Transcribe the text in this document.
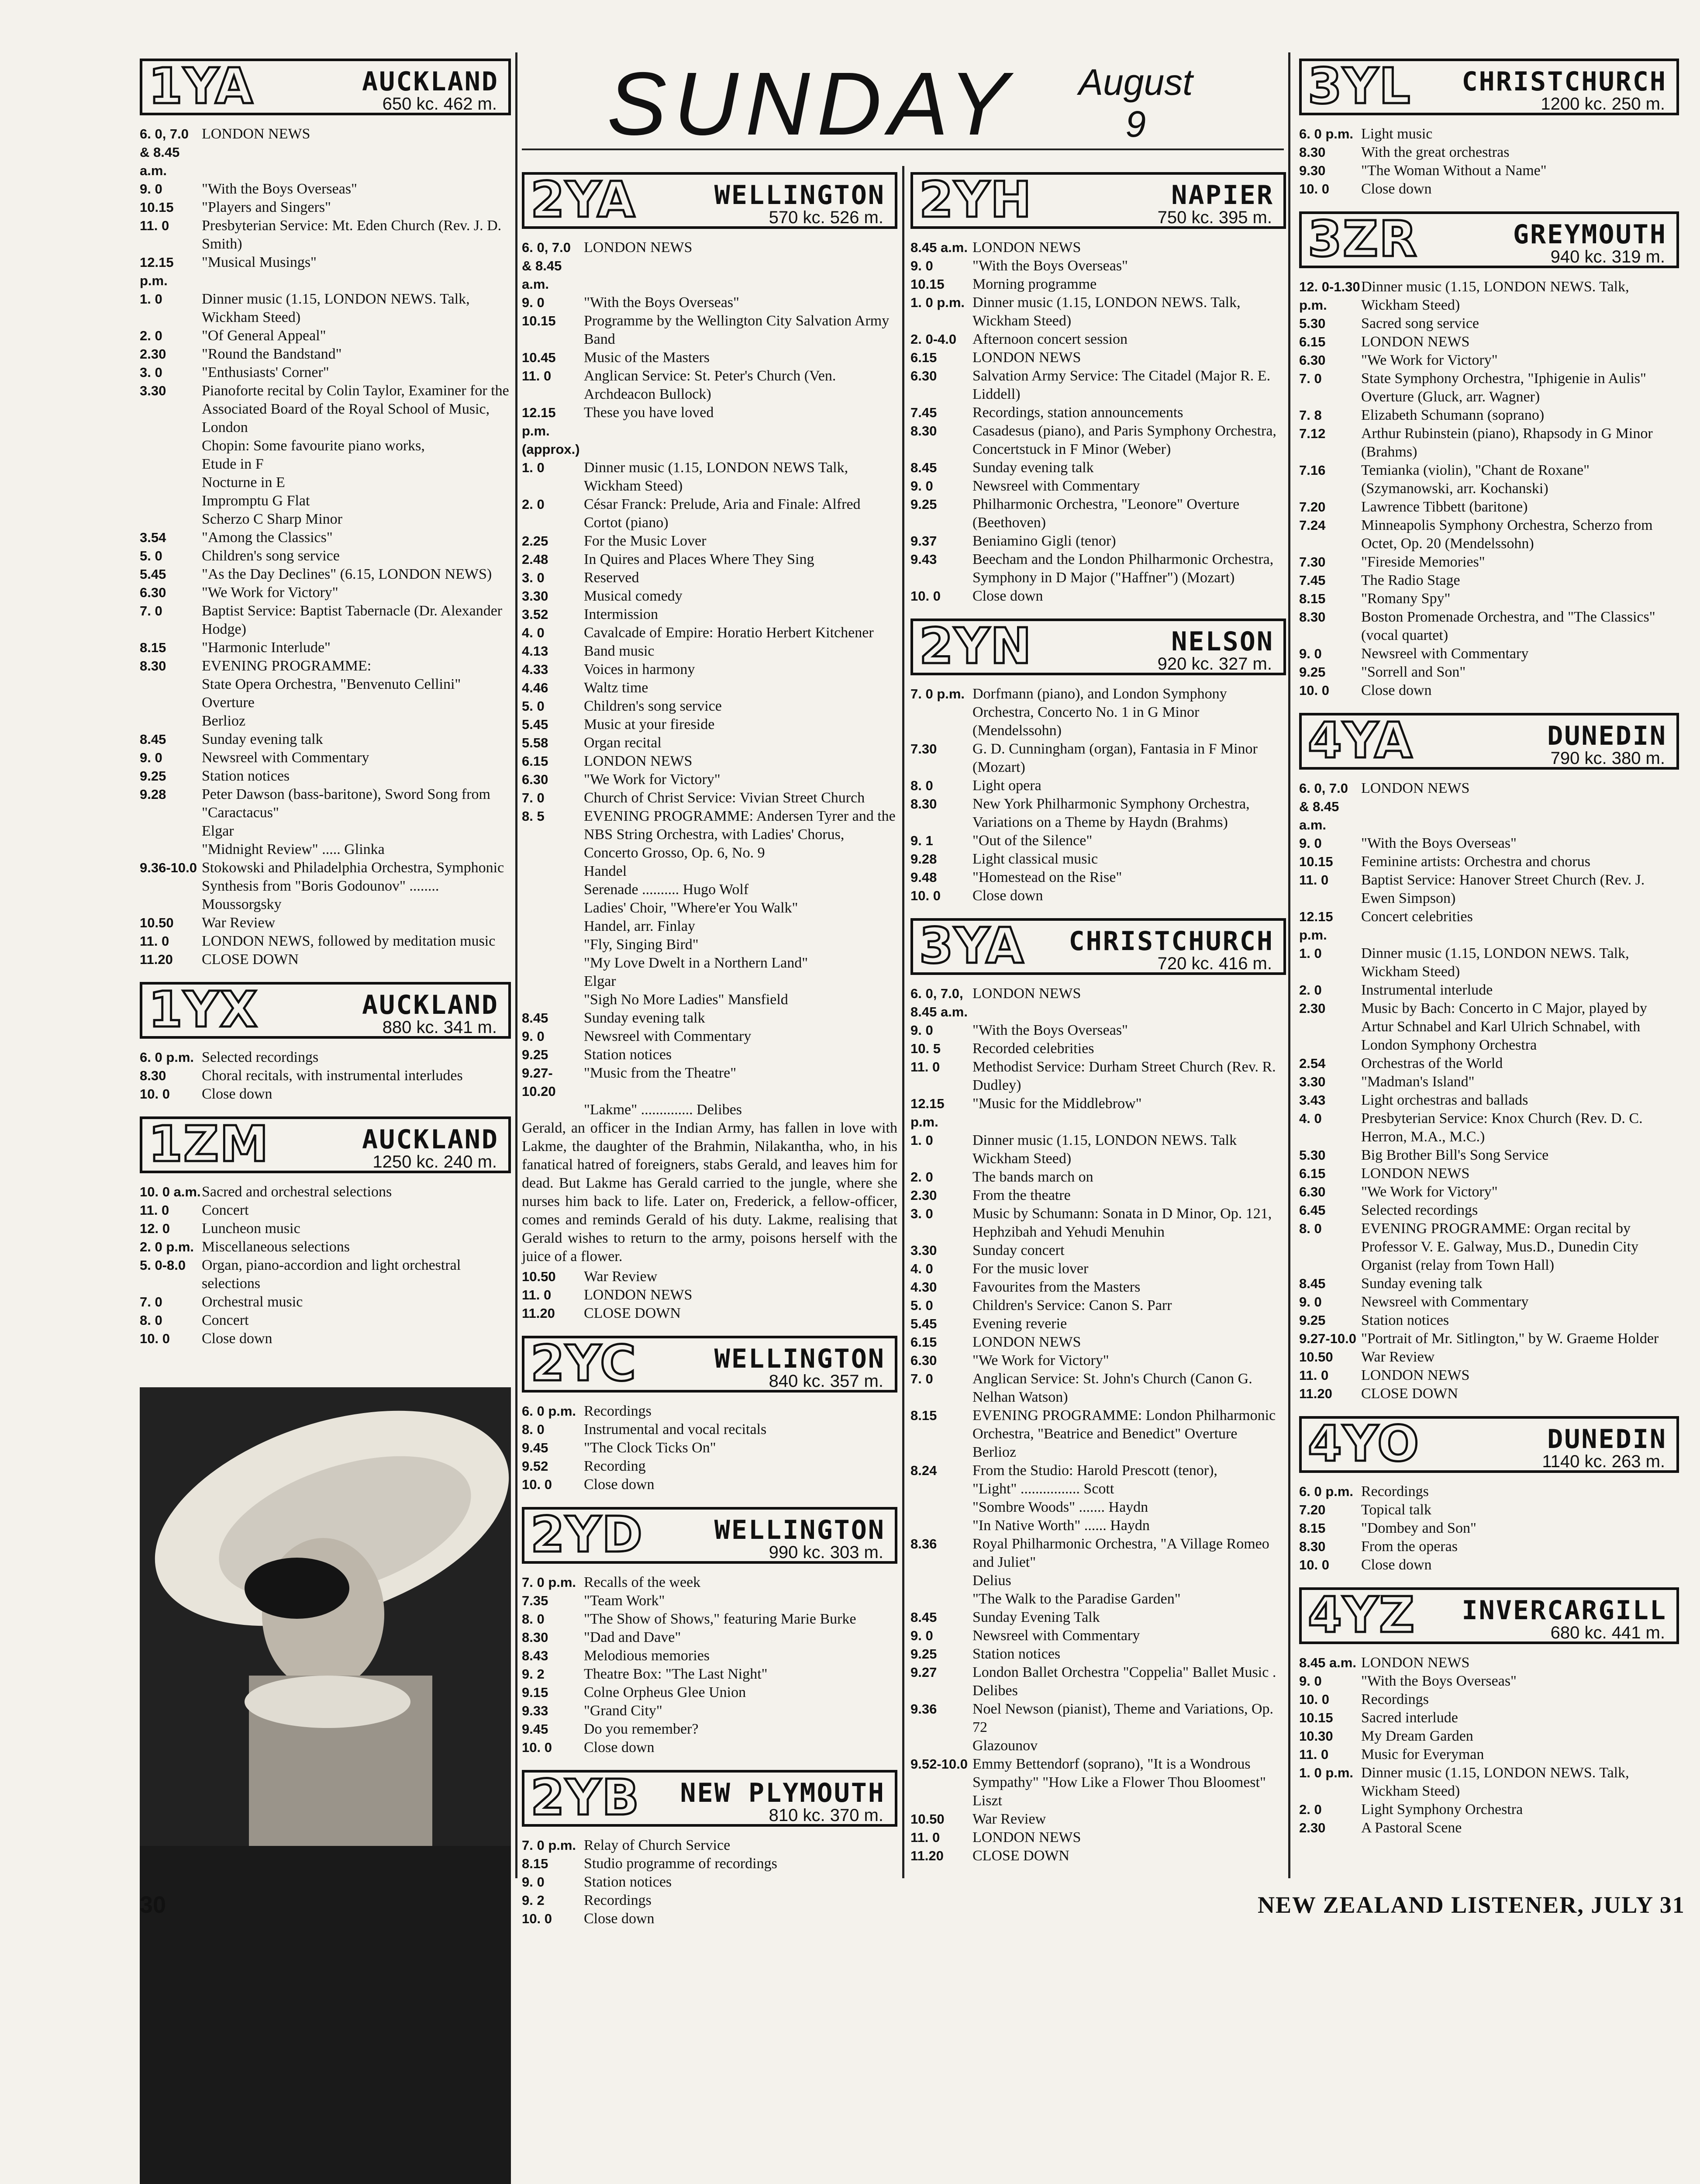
SUNDAY August
9
1YA	AUCKLAND
650 kc. 462 m.
6. 0, 7.0 & 8.45 a.m.
LONDON NEWS
9. 0	"With the Boys Overseas"
10.15	"Players and Singers"
11. 0	Presbyterian Service: Mt. Eden Church (Rev. J. D. Smith)
12.15 p.m.
"Musical Musings"
1. 0	Dinner music (1.15, LONDON NEWS. Talk, Wickham Steed)
2. 0	"Of General Appeal"
2.30	"Round the Bandstand"
3. 0	"Enthusiasts' Corner"
3.30	Pianoforte recital by Colin Taylor, Examiner for the Associated Board of the Royal School of Music, London
Chopin: Some favourite piano works,
Etude in F
Nocturne in E
Impromptu G Flat
Scherzo C Sharp Minor
3.54	"Among the Classics"
5. 0	Children's song service
5.45	"As the Day Declines" (6.15, LONDON NEWS)
6.30	"We Work for Victory"
7. 0	Baptist Service: Baptist Tabernacle (Dr. Alexander Hodge)
8.15	"Harmonic Interlude"
8.30	EVENING PROGRAMME:
State Opera Orchestra, "Benvenuto Cellini" Overture
Berlioz
8.45	Sunday evening talk
9. 0	Newsreel with Commentary
9.25	Station notices
9.28	Peter Dawson (bass-baritone), Sword Song from "Caractacus"
Elgar
"Midnight Review" ..... Glinka
9.36-10.0 Stokowski and Philadelphia Orchestra, Symphonic Synthesis from "Boris Godounov" ........ Moussorgsky
10.50	War Review
11. 0	LONDON NEWS, followed by meditation music
11.20	CLOSE DOWN
1YX	AUCKLAND
880 kc. 341 m.
6. 0 p.m. Selected recordings
8.30	Choral recitals, with instrumental interludes
10. 0	Close down
1ZM	AUCKLAND
1250 kc. 240 m.
10. 0 a.m. Sacred and orchestral selections
11. 0	Concert
12. 0	Luncheon music
2. 0 p.m. Miscellaneous selections
5. 0-8.0	Organ, piano-accordion and light orchestral selections
7. 0	Orchestral music
8. 0	Concert
10. 0	Close down
2YA	WELLINGTON
570 kc. 526 m.
6. 0, 7.0 & 8.45 a.m.
LONDON NEWS
9. 0	"With the Boys Overseas"
10.15	Programme by the Wellington City Salvation Army Band
10.45	Music of the Masters
11. 0	Anglican Service: St. Peter's Church (Ven. Archdeacon Bullock)
12.15 p.m. (approx.)
These you have loved
1. 0	Dinner music (1.15, LONDON NEWS Talk, Wickham Steed)
2. 0	César Franck: Prelude, Aria and Finale: Alfred Cortot (piano)
2.25	For the Music Lover
2.48	In Quires and Places Where They Sing
3. 0	Reserved
3.30	Musical comedy
3.52	Intermission
4. 0	Cavalcade of Empire: Horatio Herbert Kitchener
4.13	Band music
4.33	Voices in harmony
4.46	Waltz time
5. 0	Children's song service
5.45	Music at your fireside
5.58	Organ recital
6.15	LONDON NEWS
6.30	"We Work for Victory"
7. 0	Church of Christ Service: Vivian Street Church
8. 5	EVENING PROGRAMME: Andersen Tyrer and the NBS String Orchestra, with Ladies' Chorus, Concerto Grosso, Op. 6, No. 9
Handel
Serenade .......... Hugo Wolf
Ladies' Choir, "Where'er You Walk"
Handel, arr. Finlay
"Fly, Singing Bird"
"My Love Dwelt in a Northern Land"
Elgar
"Sigh No More Ladies" Mansfield
8.45	Sunday evening talk
9. 0	Newsreel with Commentary
9.25	Station notices
9.27-10.20
"Music from the Theatre"
"Lakme" .............. Delibes

Gerald, an officer in the Indian Army, has fallen in love with Lakme, the daughter of the Brahmin, Nilakantha, who, in his fanatical hatred of foreigners, stabs Gerald, and leaves him for dead. But Lakme has Gerald carried to the jungle, where she nurses him back to life. Later on, Frederick, a fellow-officer, comes and reminds Gerald of his duty. Lakme, realising that Gerald wishes to return to the army, poisons herself with the juice of a flower.

10.50	War Review
11. 0	LONDON NEWS
11.20	CLOSE DOWN
2YC	WELLINGTON
840 kc. 357 m.
6. 0 p.m. Recordings
8. 0	Instrumental and vocal recitals
9.45	"The Clock Ticks On"
9.52	Recording
10. 0	Close down
2YD	WELLINGTON
990 kc. 303 m.
7. 0 p.m. Recalls of the week
7.35	"Team Work"
8. 0	"The Show of Shows," featuring Marie Burke
8.30	"Dad and Dave"
8.43	Melodious memories
9. 2	Theatre Box: "The Last Night"
9.15	Colne Orpheus Glee Union
9.33	"Grand City"
9.45	Do you remember?
10. 0	Close down
2YB NEW PLYMOUTH
810 kc. 370 m.
7. 0 p.m. Relay of Church Service
8.15	Studio programme of recordings
9. 0	Station notices
9. 2	Recordings
10. 0	Close down
2YH	NAPIER
750 kc. 395 m.
8.45 a.m. LONDON NEWS
9. 0	"With the Boys Overseas"
10.15	Morning programme
1. 0 p.m. Dinner music (1.15, LONDON NEWS. Talk, Wickham Steed)
2. 0-4.0	Afternoon concert session
6.15	LONDON NEWS
6.30	Salvation Army Service: The Citadel (Major R. E. Liddell)
7.45	Recordings, station announcements
8.30	Casadesus (piano), and Paris Symphony Orchestra, Concertstuck in F Minor (Weber)
8.45	Sunday evening talk
9. 0	Newsreel with Commentary
9.25	Philharmonic Orchestra, "Leonore" Overture (Beethoven)
9.37	Beniamino Gigli (tenor)
9.43	Beecham and the London Philharmonic Orchestra, Symphony in D Major ("Haffner") (Mozart)
10. 0	Close down
2YN	NELSON
920 kc. 327 m.
7. 0 p.m. Dorfmann (piano), and London Symphony Orchestra, Concerto No. 1 in G Minor (Mendelssohn)
7.30	G. D. Cunningham (organ), Fantasia in F Minor (Mozart)
8. 0	Light opera
8.30	New York Philharmonic Symphony Orchestra, Variations on a Theme by Haydn (Brahms)
9. 1	"Out of the Silence"
9.28	Light classical music
9.48	"Homestead on the Rise"
10. 0	Close down
3YA CHRISTCHURCH
720 kc. 416 m.
6. 0, 7.0, 8.45 a.m.
LONDON NEWS
9. 0	"With the Boys Overseas"
10. 5	Recorded celebrities
11. 0	Methodist Service: Durham Street Church (Rev. R. Dudley)
12.15 p.m.
"Music for the Middlebrow"
1. 0	Dinner music (1.15, LONDON NEWS. Talk Wickham Steed)
2. 0	The bands march on
2.30	From the theatre
3. 0	Music by Schumann: Sonata in D Minor, Op. 121, Hephzibah and Yehudi Menuhin
3.30	Sunday concert
4. 0	For the music lover
4.30	Favourites from the Masters
5. 0	Children's Service: Canon S. Parr
5.45	Evening reverie
6.15	LONDON NEWS
6.30	"We Work for Victory"
7. 0	Anglican Service: St. John's Church (Canon G. Nelhan Watson)
8.15	EVENING PROGRAMME: London Philharmonic Orchestra, "Beatrice and Benedict" Overture
Berlioz
8.24	From the Studio: Harold Prescott (tenor),
"Light" ................ Scott
"Sombre Woods" ....... Haydn
"In Native Worth" ...... Haydn
8.36	Royal Philharmonic Orchestra, "A Village Romeo and Juliet"
Delius
"The Walk to the Paradise Garden"
8.45	Sunday Evening Talk
9. 0	Newsreel with Commentary
9.25	Station notices
9.27	London Ballet Orchestra "Coppelia" Ballet Music . Delibes
9.36	Noel Newson (pianist), Theme and Variations, Op. 72
Glazounov
9.52-10.0 Emmy Bettendorf (soprano), "It is a Wondrous Sympathy" "How Like a Flower Thou Bloomest"
Liszt
10.50	War Review
11. 0	LONDON NEWS
11.20	CLOSE DOWN
3YL CHRISTCHURCH
1200 kc. 250 m.
6. 0 p.m. Light music
8.30	With the great orchestras
9.30	"The Woman Without a Name"
10. 0	Close down
3ZR	GREYMOUTH
940 kc. 319 m.
12. 0-1.30 p.m.
Dinner music (1.15, LONDON NEWS. Talk, Wickham Steed)
5.30	Sacred song service
6.15	LONDON NEWS
6.30	"We Work for Victory"
7. 0	State Symphony Orchestra, "Iphigenie in Aulis" Overture (Gluck, arr. Wagner)
7. 8	Elizabeth Schumann (soprano)
7.12	Arthur Rubinstein (piano), Rhapsody in G Minor (Brahms)
7.16	Temianka (violin), "Chant de Roxane" (Szymanowski, arr. Kochanski)
7.20	Lawrence Tibbett (baritone)
7.24	Minneapolis Symphony Orchestra, Scherzo from Octet, Op. 20 (Mendelssohn)
7.30	"Fireside Memories"
7.45	The Radio Stage
8.15	"Romany Spy"
8.30	Boston Promenade Orchestra, and "The Classics" (vocal quartet)
9. 0	Newsreel with Commentary
9.25	"Sorrell and Son"
10. 0	Close down
4YA	DUNEDIN
790 kc. 380 m.
6. 0, 7.0 & 8.45 a.m.
LONDON NEWS
9. 0	"With the Boys Overseas"
10.15	Feminine artists: Orchestra and chorus
11. 0	Baptist Service: Hanover Street Church (Rev. J. Ewen Simpson)
12.15 p.m.
Concert celebrities
1. 0	Dinner music (1.15, LONDON NEWS. Talk, Wickham Steed)
2. 0	Instrumental interlude
2.30	Music by Bach: Concerto in C Major, played by Artur Schnabel and Karl Ulrich Schnabel, with London Symphony Orchestra
2.54	Orchestras of the World
3.30	"Madman's Island"
3.43	Light orchestras and ballads
4. 0	Presbyterian Service: Knox Church (Rev. D. C. Herron, M.A., M.C.)
5.30	Big Brother Bill's Song Service
6.15	LONDON NEWS
6.30	"We Work for Victory"
6.45	Selected recordings
8. 0	EVENING PROGRAMME: Organ recital by Professor V. E. Galway, Mus.D., Dunedin City Organist (relay from Town Hall)
8.45	Sunday evening talk
9. 0	Newsreel with Commentary
9.25	Station notices
9.27-10.0 "Portrait of Mr. Sitlington," by W. Graeme Holder
10.50	War Review
11. 0	LONDON NEWS
11.20	CLOSE DOWN
4YO	DUNEDIN
1140 kc. 263 m.
6. 0 p.m. Recordings
7.20	Topical talk
8.15	"Dombey and Son"
8.30	From the operas
10. 0	Close down
4YZ INVERCARGILL
680 kc. 441 m.
8.45 a.m. LONDON NEWS
9. 0	"With the Boys Overseas"
10. 0	Recordings
10.15	Sacred interlude
10.30	My Dream Garden
11. 0	Music for Everyman
1. 0 p.m. Dinner music (1.15, LONDON NEWS. Talk, Wickham Steed)
2. 0	Light Symphony Orchestra
2.30	A Pastoral Scene
30	NEW ZEALAND LISTENER, JULY 31
